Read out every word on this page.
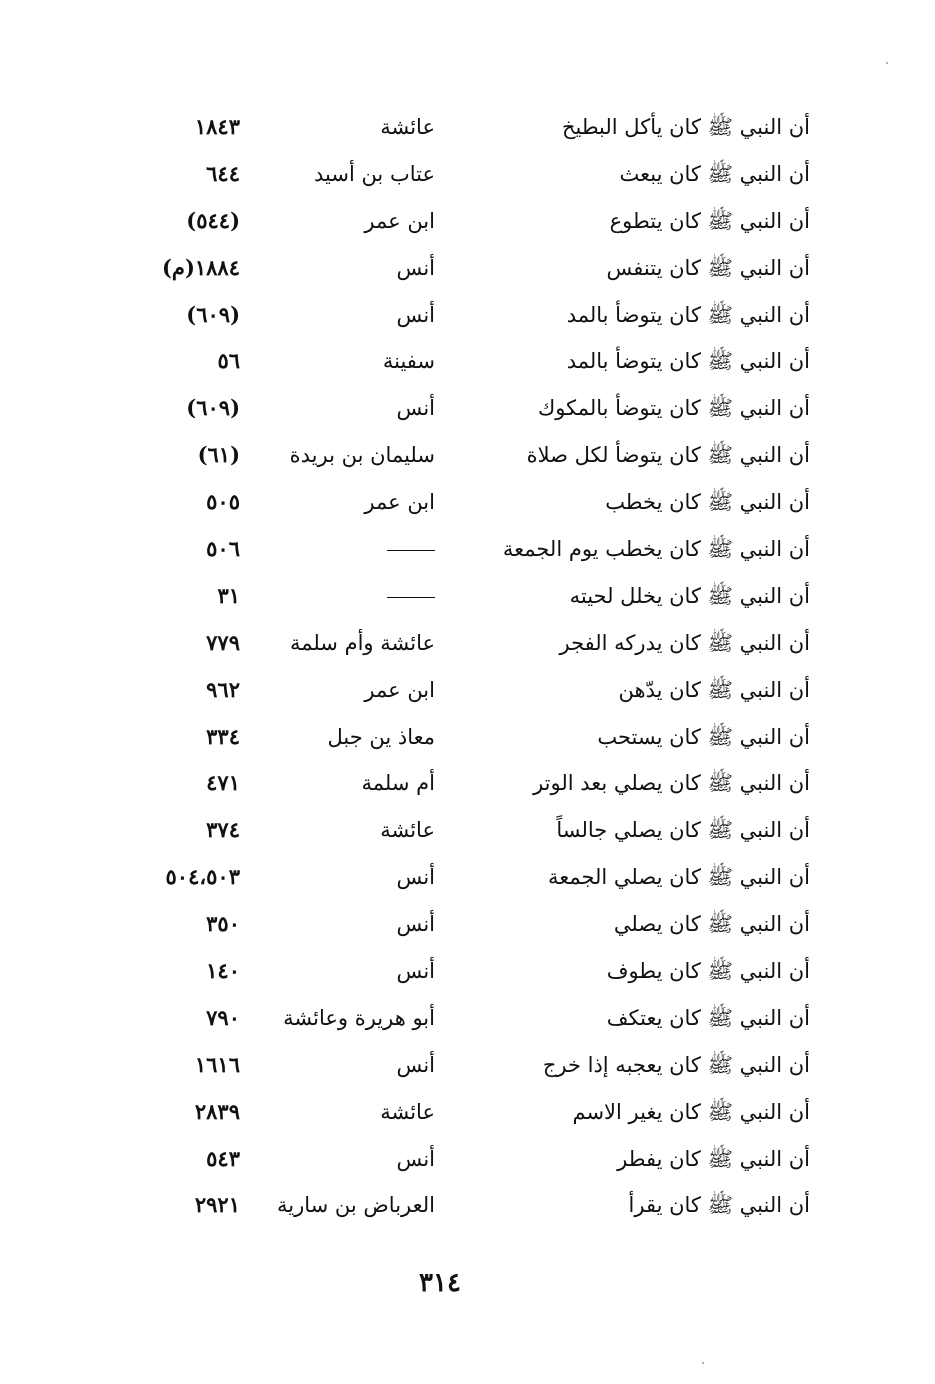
أن النبي ﷺ كان يأكل البطيخ
عائشة
١٨٤٣
أن النبي ﷺ كان يبعث
عتاب بن أسيد
٦٤٤
أن النبي ﷺ كان يتطوع
ابن عمر
(٥٤٤)
أن النبي ﷺ كان يتنفس
أنس
١٨٨٤(م)
أن النبي ﷺ كان يتوضأ بالمد
أنس
(٦٠٩)
أن النبي ﷺ كان يتوضأ بالمد
سفينة
٥٦
أن النبي ﷺ كان يتوضأ بالمكوك
أنس
(٦٠٩)
أن النبي ﷺ كان يتوضأ لكل صلاة
سليمان بن بريدة
(٦١)
أن النبي ﷺ كان يخطب
ابن عمر
٥٠٥
أن النبي ﷺ كان يخطب يوم الجمعة
٥٠٦
أن النبي ﷺ كان يخلل لحيته
٣١
أن النبي ﷺ كان يدركه الفجر
عائشة وأم سلمة
٧٧٩
أن النبي ﷺ كان يدّهن
ابن عمر
٩٦٢
أن النبي ﷺ كان يستحب
معاذ ين جبل
٣٣٤
أن النبي ﷺ كان يصلي بعد الوتر
أم سلمة
٤٧١
أن النبي ﷺ كان يصلي جالساً
عائشة
٣٧٤
أن النبي ﷺ كان يصلي الجمعة
أنس
٥٠٤،٥٠٣
أن النبي ﷺ كان يصلي
أنس
٣٥٠
أن النبي ﷺ كان يطوف
أنس
١٤٠
أن النبي ﷺ كان يعتكف
أبو هريرة وعائشة
٧٩٠
أن النبي ﷺ كان يعجبه إذا خرج
أنس
١٦١٦
أن النبي ﷺ كان يغير الاسم
عائشة
٢٨٣٩
أن النبي ﷺ كان يفطر
أنس
٥٤٣
أن النبي ﷺ كان يقرأ
العرباض بن سارية
٢٩٢١
٣١٤
